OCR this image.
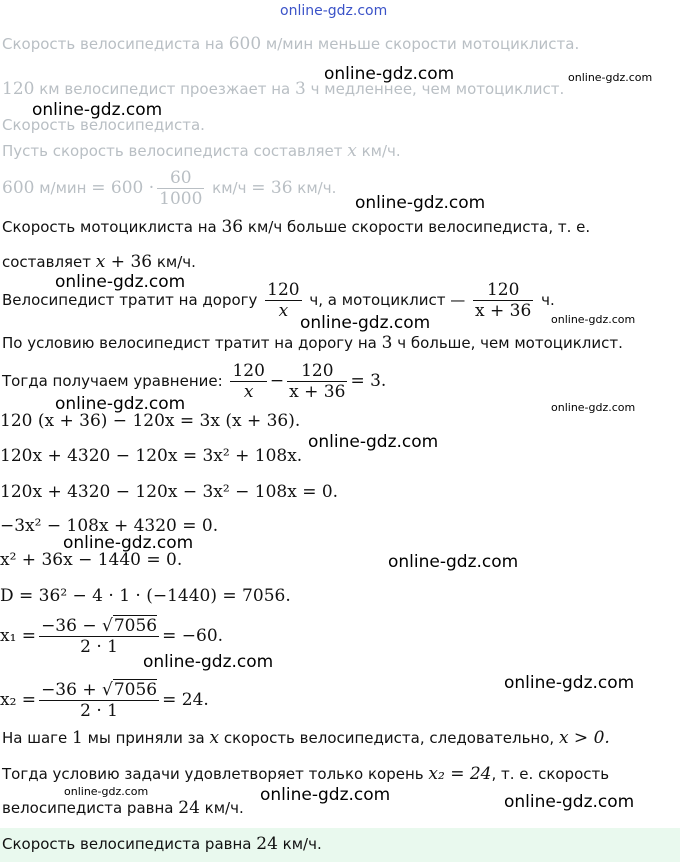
online-gdz.com
Скорость велосипедиста на 600 м/мин меньше скорости мотоциклиста.
120 км велосипедист проезжает на 3 ч медленнее, чем мотоциклист.
Скорость велосипедиста.
Пусть скорость велосипедиста составляет x км/ч.
600 $м/мин = 600 \cdot \frac{60}{1000} км/ч = 36$ км/ч.
Скорость мотоциклиста на 36 км/ч больше скорости велосипедиста, т. е.
составляет x + 36 км/ч.
Велосипедист тратит на дорогу $\frac{120}{x} ч$, а мотоциклист — $\frac{120}{x + 36} ч$.
По условию велосипедист тратит на дорогу на 3 ч больше, чем мотоциклист.
Тогда получаем уравнение: $\frac{120}{x} - \frac{120}{x + 36} = 3$.
120 (x + 36) − 120x = 3x (x + 36).
120x + 4320 − 120x = 3x² + 108x.
120x + 4320 − 120x − 3x² − 108x = 0.
−3x² − 108x + 4320 = 0.
x² + 36x − 1440 = 0.
D = 36² − 4 · 1 · (−1440) = 7056.
$x_1 = \frac{-36 - √7056}{2 \cdot 1} = -60$.
$x_2 = \frac{-36 + √7056}{2 \cdot 1} = 24$.
На шаге 1 мы приняли за x скорость велосипедиста, следовательно, x > 0.
Тогда условию задачи удовлетворяет только корень x₂ = 24, т. е. скорость
велосипедиста равна 24 км/ч.
Скорость велосипедиста равна 24 км/ч.
online-gdz.com	online-gdz.com
online-gdz.com
online-gdz.com
online-gdz.com
online-gdz.com	online-gdz.com
online-gdz.com	online-gdz.com
online-gdz.com
online-gdz.com
online-gdz.com
online-gdz.com
online-gdz.com
online-gdz.com	online-gdz.com	online-gdz.com
